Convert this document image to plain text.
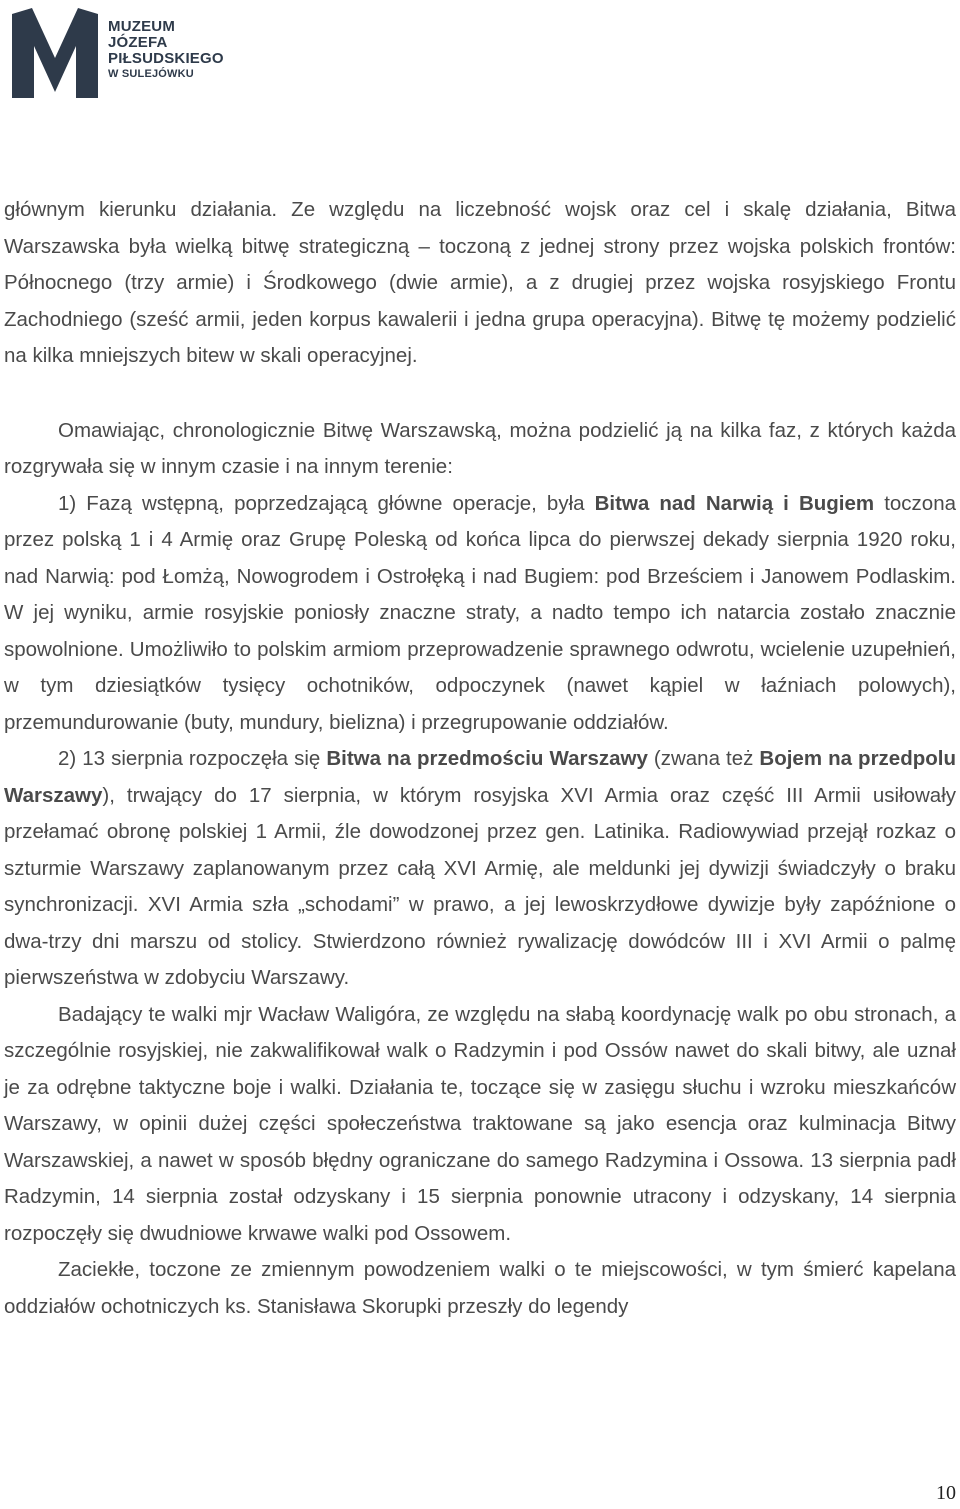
MUZEUM
JÓZEFA
PIŁSUDSKIEGO
W SULEJÓWKU

głównym kierunku działania. Ze względu na liczebność wojsk oraz cel i skalę działania, Bitwa Warszawska była wielką bitwę strategiczną – toczoną z jednej strony przez wojska polskich frontów: Północnego (trzy armie) i Środkowego (dwie armie), a z drugiej przez wojska rosyjskiego Frontu Zachodniego (sześć armii, jeden korpus kawalerii i jedna grupa operacyjna). Bitwę tę możemy podzielić na kilka mniejszych bitew w skali operacyjnej.

Omawiając, chronologicznie Bitwę Warszawską, można podzielić ją na kilka faz, z których każda rozgrywała się w innym czasie i na innym terenie:

1) Fazą wstępną, poprzedzającą główne operacje, była Bitwa nad Narwią i Bugiem toczona przez polską 1 i 4 Armię oraz Grupę Poleską od końca lipca do pierwszej dekady sierpnia 1920 roku, nad Narwią: pod Łomżą, Nowogrodem i Ostrołęką i nad Bugiem: pod Brześciem i Janowem Podlaskim. W jej wyniku, armie rosyjskie poniosły znaczne straty, a nadto tempo ich natarcia zostało znacznie spowolnione. Umożliwiło to polskim armiom przeprowadzenie sprawnego odwrotu, wcielenie uzupełnień, w tym dziesiątków tysięcy ochotników, odpoczynek (nawet kąpiel w łaźniach polowych), przemundurowanie (buty, mundury, bielizna) i przegrupowanie oddziałów.

2) 13 sierpnia rozpoczęła się Bitwa na przedmościu Warszawy (zwana też Bojem na przedpolu Warszawy), trwający do 17 sierpnia, w którym rosyjska XVI Armia oraz część III Armii usiłowały przełamać obronę polskiej 1 Armii, źle dowodzonej przez gen. Latinika. Radiowywiad przejął rozkaz o szturmie Warszawy zaplanowanym przez całą XVI Armię, ale meldunki jej dywizji świadczyły o braku synchronizacji. XVI Armia szła „schodami” w prawo, a jej lewoskrzydłowe dywizje były zapóźnione o dwa-trzy dni marszu od stolicy. Stwierdzono również rywalizację dowódców III i XVI Armii o palmę pierwszeństwa w zdobyciu Warszawy.

Badający te walki mjr Wacław Waligóra, ze względu na słabą koordynację walk po obu stronach, a szczególnie rosyjskiej, nie zakwalifikował walk o Radzymin i pod Ossów nawet do skali bitwy, ale uznał je za odrębne taktyczne boje i walki. Działania te, toczące się w zasięgu słuchu i wzroku mieszkańców Warszawy, w opinii dużej części społeczeństwa traktowane są jako esencja oraz kulminacja Bitwy Warszawskiej, a nawet w sposób błędny ograniczane do samego Radzymina i Ossowa. 13 sierpnia padł Radzymin, 14 sierpnia został odzyskany i 15 sierpnia ponownie utracony i odzyskany, 14 sierpnia rozpoczęły się dwudniowe krwawe walki pod Ossowem.

Zaciekłe, toczone ze zmiennym powodzeniem walki o te miejscowości, w tym śmierć kapelana oddziałów ochotniczych ks. Stanisława Skorupki przeszły do legendy

10
